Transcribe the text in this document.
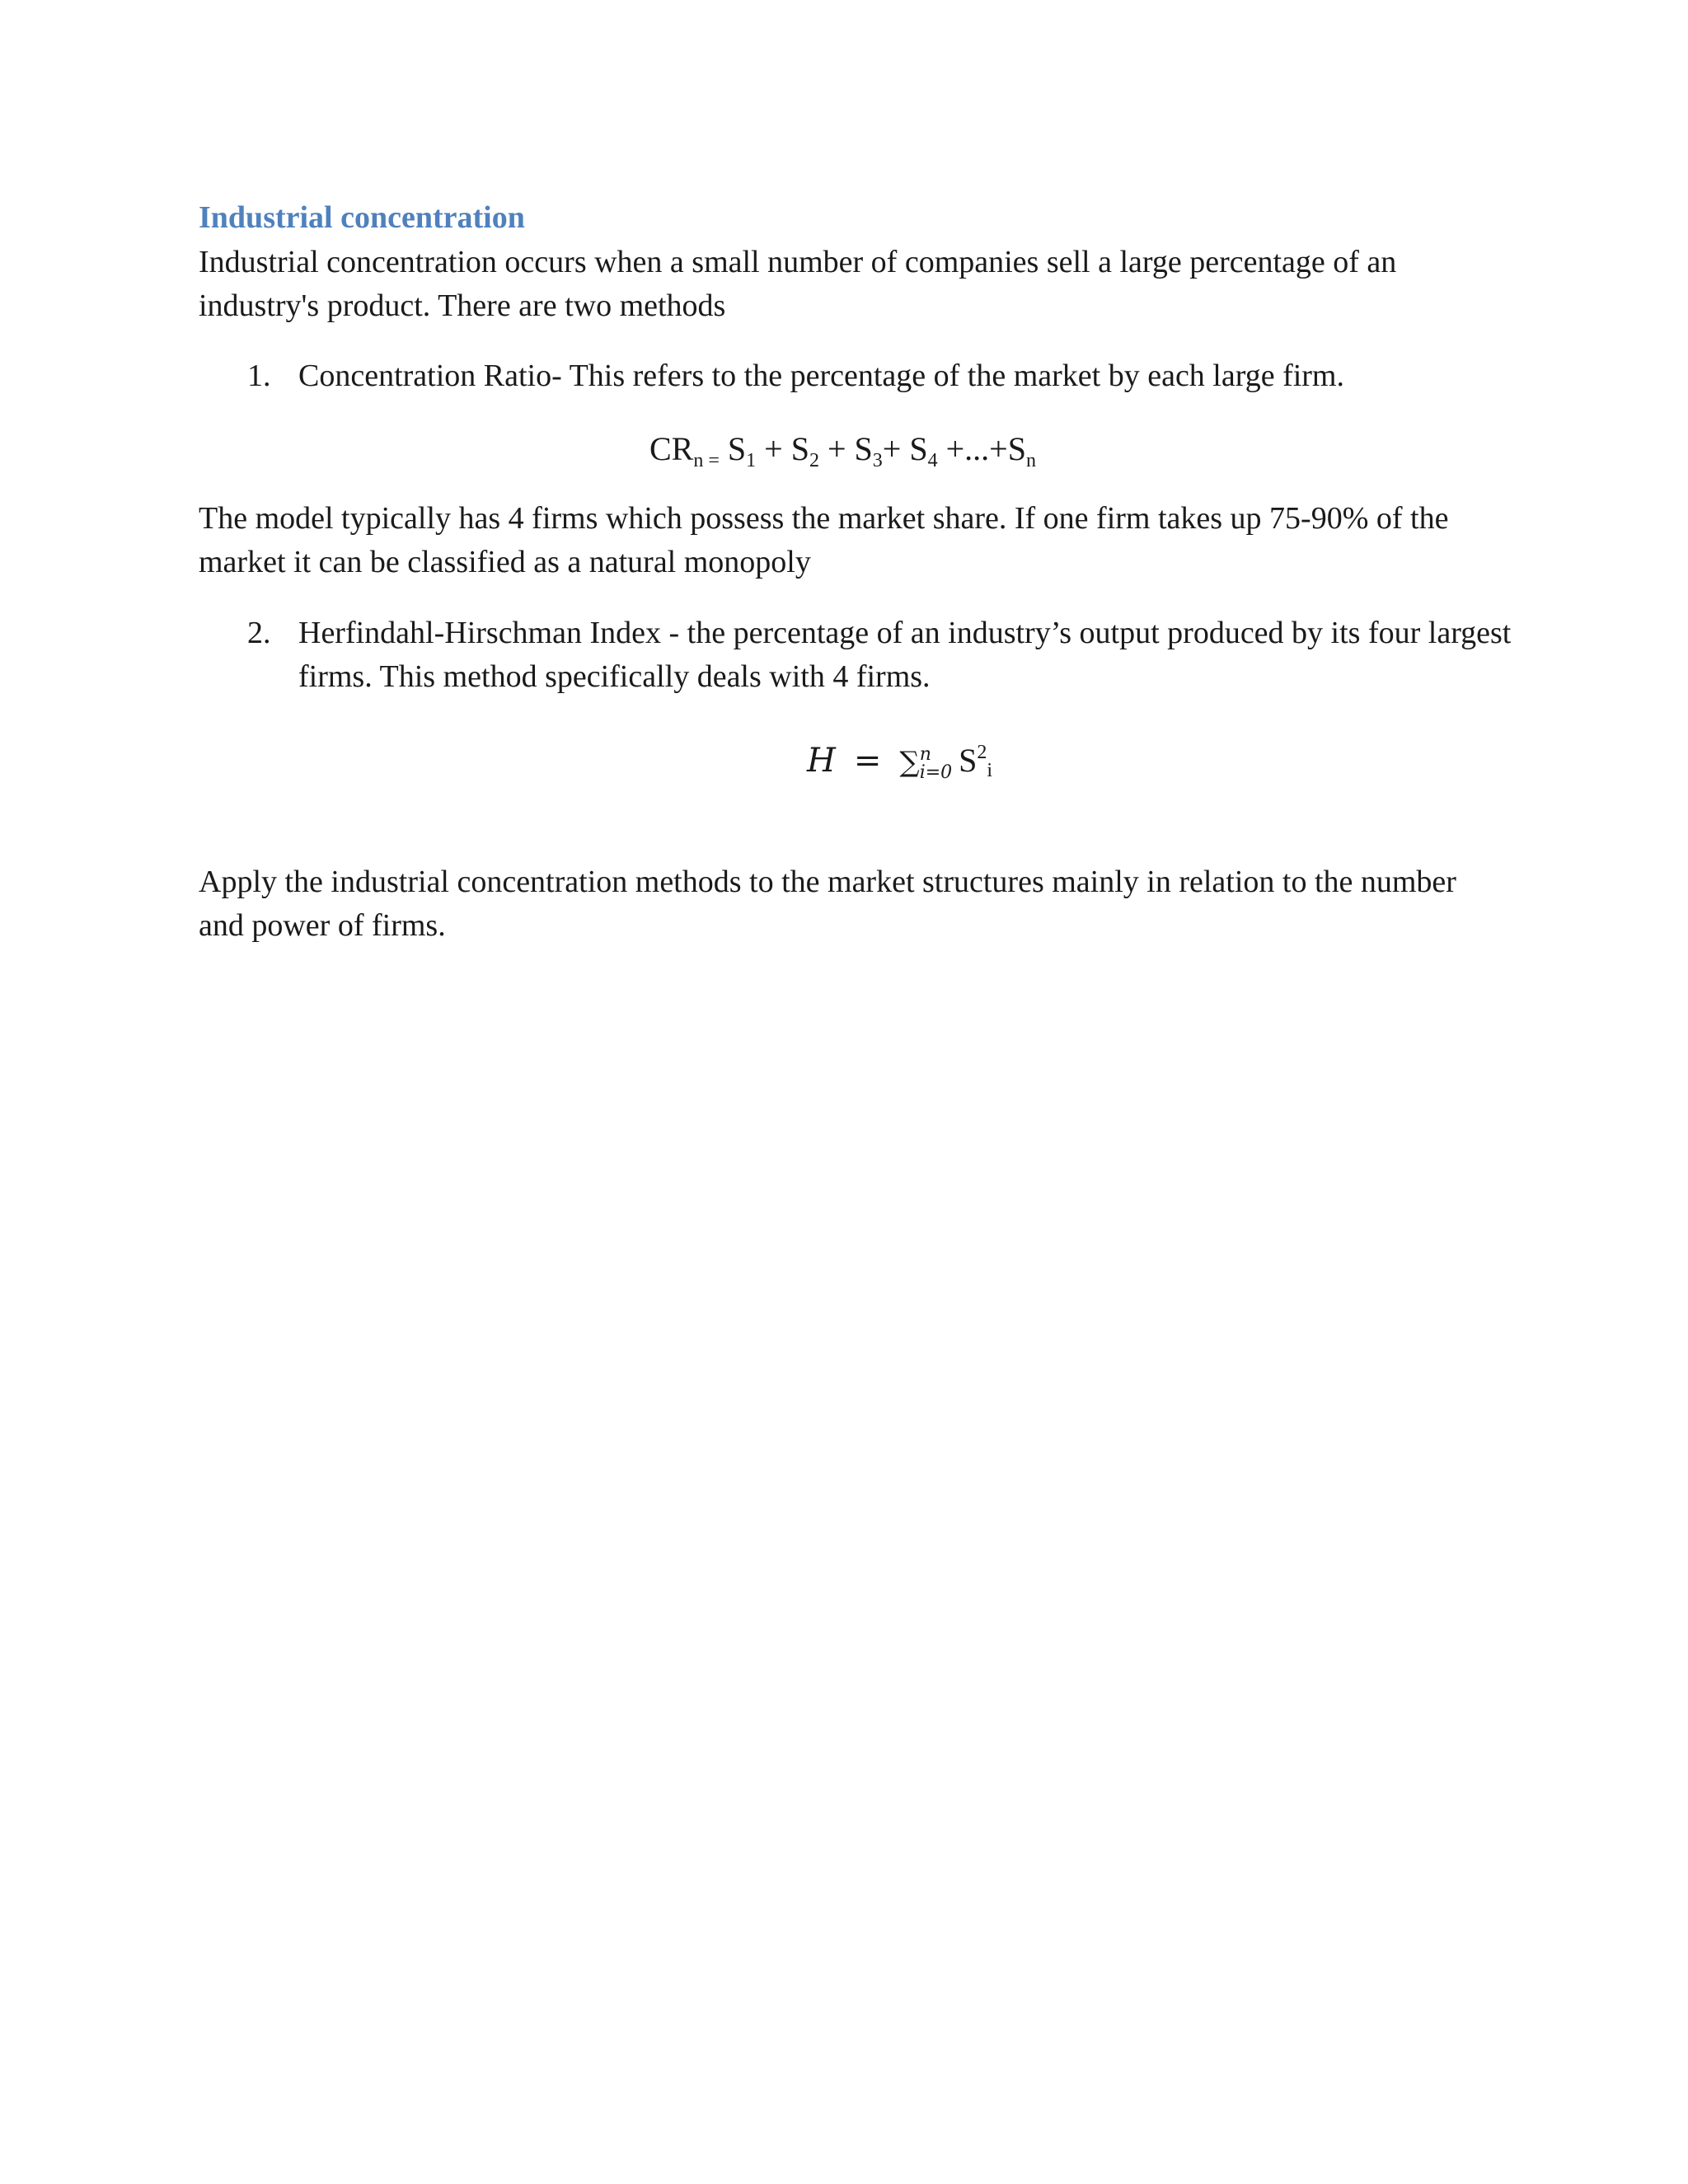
Industrial concentration
Industrial concentration occurs when a small number of companies sell a large percentage of an industry's product. There are two methods
1. Concentration Ratio- This refers to the percentage of the market by each large firm.
$CR_{n =}$ $S_1 + S_2 + S_3+ S_4 +...+S_n$
The model typically has 4 firms which possess the market share. If one firm takes up 75-90% of the market it can be classified as a natural monopoly
2. Herfindahl-Hirschman Index - the percentage of an industry’s output produced by its four largest firms. This method specifically deals with 4 firms.
H = ∑ n
i=0 $S^2i$
Apply the industrial concentration methods to the market structures mainly in relation to the number and power of firms.
